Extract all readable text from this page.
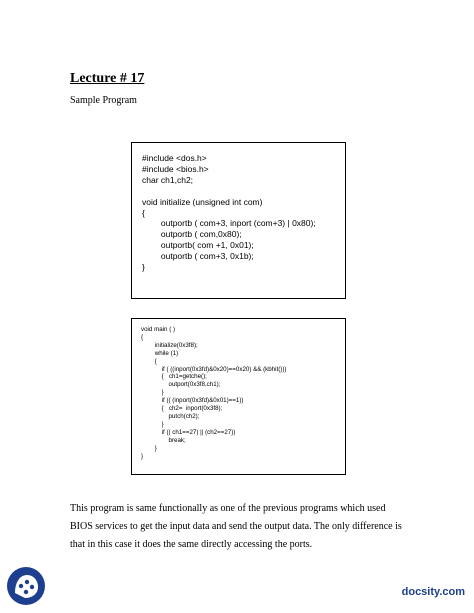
Lecture # 17
Sample Program
#include <dos.h>
#include <bios.h>
char ch1,ch2;

void initialize (unsigned int com)
{
outportb ( com+3, inport (com+3) | 0x80);
outportb ( com,0x80);
outportb( com +1, 0x01);
outportb ( com+3, 0x1b);
}
void main ( )
{
initialize(0x3f8);
while (1)
{
if ( ((inport(0x3fd)&0x20)==0x20) && (kbhit()))
{   ch1=getche();
outport(0x3f8,ch1);
}
if (( (inport(0x3fd)&0x01)==1))
{   ch2=  inport(0x3f8);
putch(ch2);
}
if (( ch1==27) || (ch2==27))
break;
}
}

This program is same functionally as one of the previous programs which used BIOS services to get the input data and send the output data. The only difference is that in this case it does the same directly accessing the ports.

docsity.com
